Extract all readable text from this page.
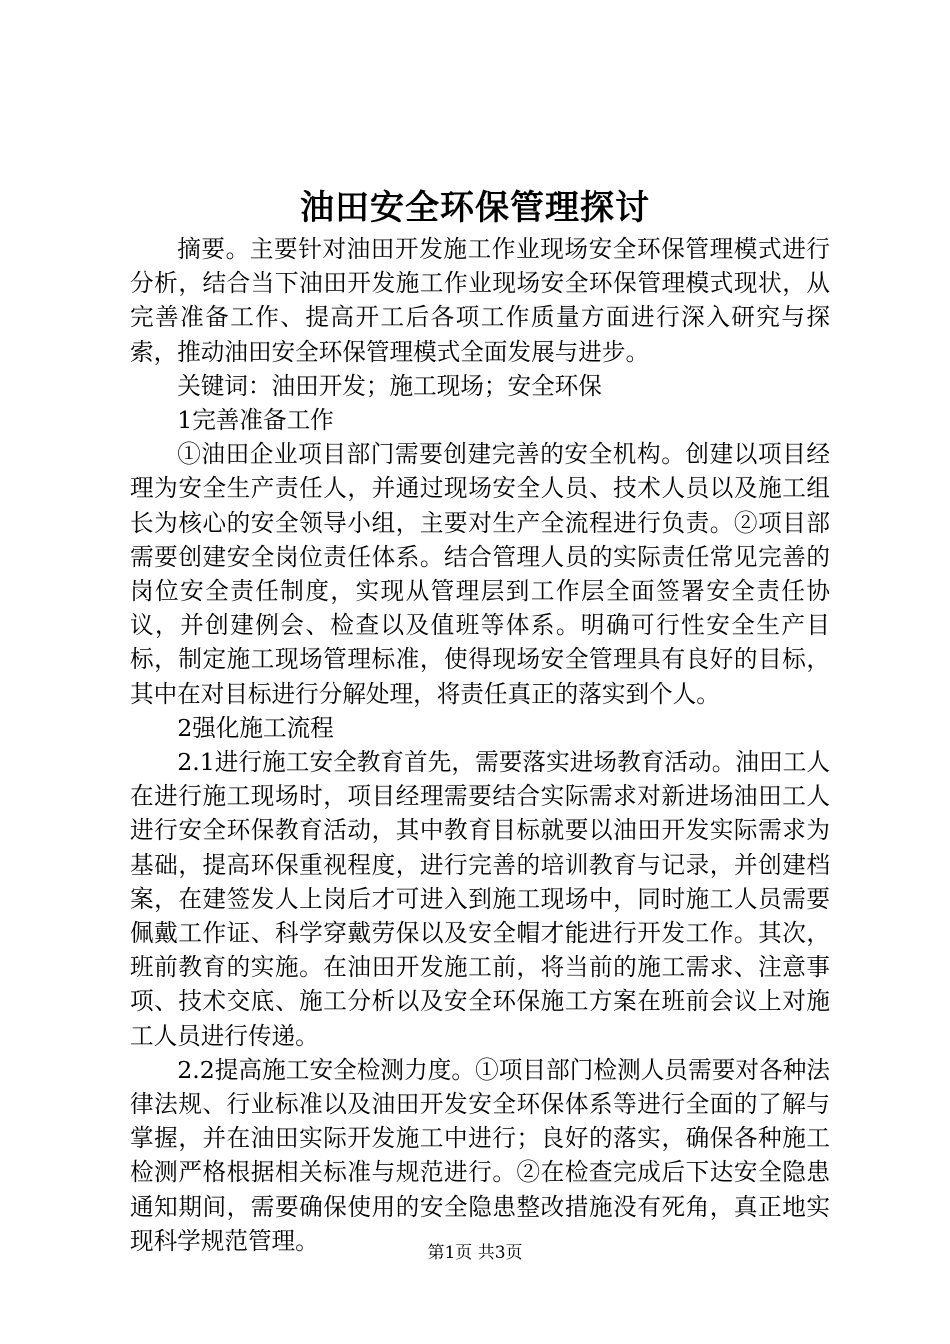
油田安全环保管理探讨

摘要。主要针对油田开发施工作业现场安全环保管理模式进行分析，结合当下油田开发施工作业现场安全环保管理模式现状，从完善准备工作、提高开工后各项工作质量方面进行深入研究与探索，推动油田安全环保管理模式全面发展与进步。

关键词：油田开发；施工现场；安全环保

1完善准备工作

①油田企业项目部门需要创建完善的安全机构。创建以项目经理为安全生产责任人，并通过现场安全人员、技术人员以及施工组长为核心的安全领导小组，主要对生产全流程进行负责。②项目部需要创建安全岗位责任体系。结合管理人员的实际责任常见完善的岗位安全责任制度，实现从管理层到工作层全面签署安全责任协议，并创建例会、检查以及值班等体系。明确可行性安全生产目标，制定施工现场管理标准，使得现场安全管理具有良好的目标，其中在对目标进行分解处理，将责任真正的落实到个人。

2强化施工流程

2.1进行施工安全教育首先，需要落实进场教育活动。油田工人在进行施工现场时，项目经理需要结合实际需求对新进场油田工人进行安全环保教育活动，其中教育目标就要以油田开发实际需求为基础，提高环保重视程度，进行完善的培训教育与记录，并创建档案，在建签发人上岗后才可进入到施工现场中，同时施工人员需要佩戴工作证、科学穿戴劳保以及安全帽才能进行开发工作。其次，班前教育的实施。在油田开发施工前，将当前的施工需求、注意事项、技术交底、施工分析以及安全环保施工方案在班前会议上对施工人员进行传递。

2.2提高施工安全检测力度。①项目部门检测人员需要对各种法律法规、行业标准以及油田开发安全环保体系等进行全面的了解与掌握，并在油田实际开发施工中进行；良好的落实，确保各种施工检测严格根据相关标准与规范进行。②在检查完成后下达安全隐患通知期间，需要确保使用的安全隐患整改措施没有死角，真正地实现科学规范管理。	第1页 共3页
